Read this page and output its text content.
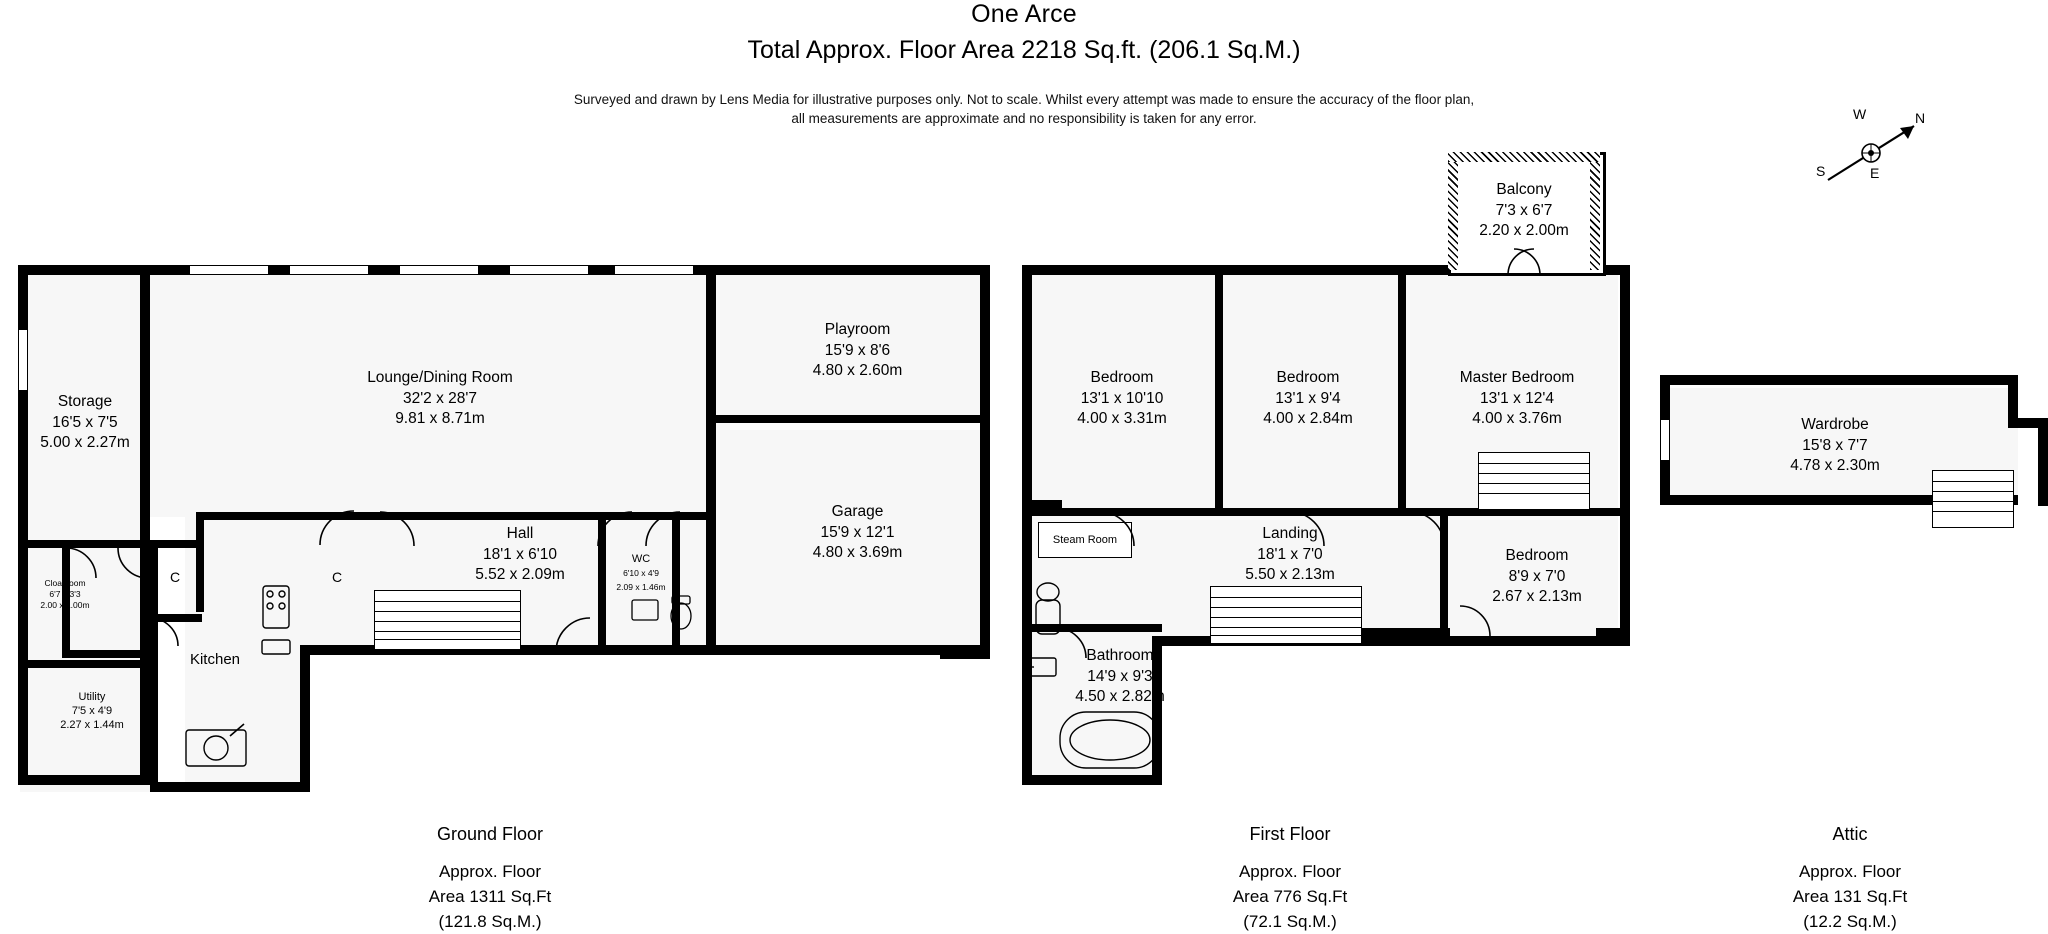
One Arce
Total Approx. Floor Area 2218 Sq.ft. (206.1 Sq.M.)
Surveyed and drawn by Lens Media for illustrative purposes only. Not to scale. Whilst every attempt was made to ensure the accuracy of the floor plan,
all measurements are approximate and no responsibility is taken for any error.	N
S	E
W
Storage
16'5 x 7'5
5.00 x 2.27m
Lounge/Dining Room
32'2 x 28'7
9.81 x 8.71m
Playroom
15'9 x 8'6
4.80 x 2.60m
Garage
15'9 x 12'1
4.80 x 3.69m
Hall
18'1 x 6'10
5.52 x 2.09m
WC
6'10 x 4'9
2.09 x 1.46m
Cloakroom
6'7 x 3'3
2.00 x 1.00m
Utility
7'5 x 4'9
2.27 x 1.44m
Kitchen
C	C
Ground Floor
Approx. Floor
Area 1311 Sq.Ft
(121.8 Sq.M.)
Balcony
7'3 x 6'7
2.20 x 2.00m
Steam Room
Bedroom
13'1 x 10'10
4.00 x 3.31m
Bedroom
13'1 x 9'4
4.00 x 2.84m
Master Bedroom
13'1 x 12'4
4.00 x 3.76m
Landing
18'1 x 7'0
5.50 x 2.13m
Bedroom
8'9 x 7'0
2.67 x 2.13m
Bathroom
14'9 x 9'3
4.50 x 2.82m
First Floor
Approx. Floor
Area 776 Sq.Ft
(72.1 Sq.M.)
Wardrobe
15'8 x 7'7
4.78 x 2.30m
Attic
Approx. Floor
Area 131 Sq.Ft
(12.2 Sq.M.)
